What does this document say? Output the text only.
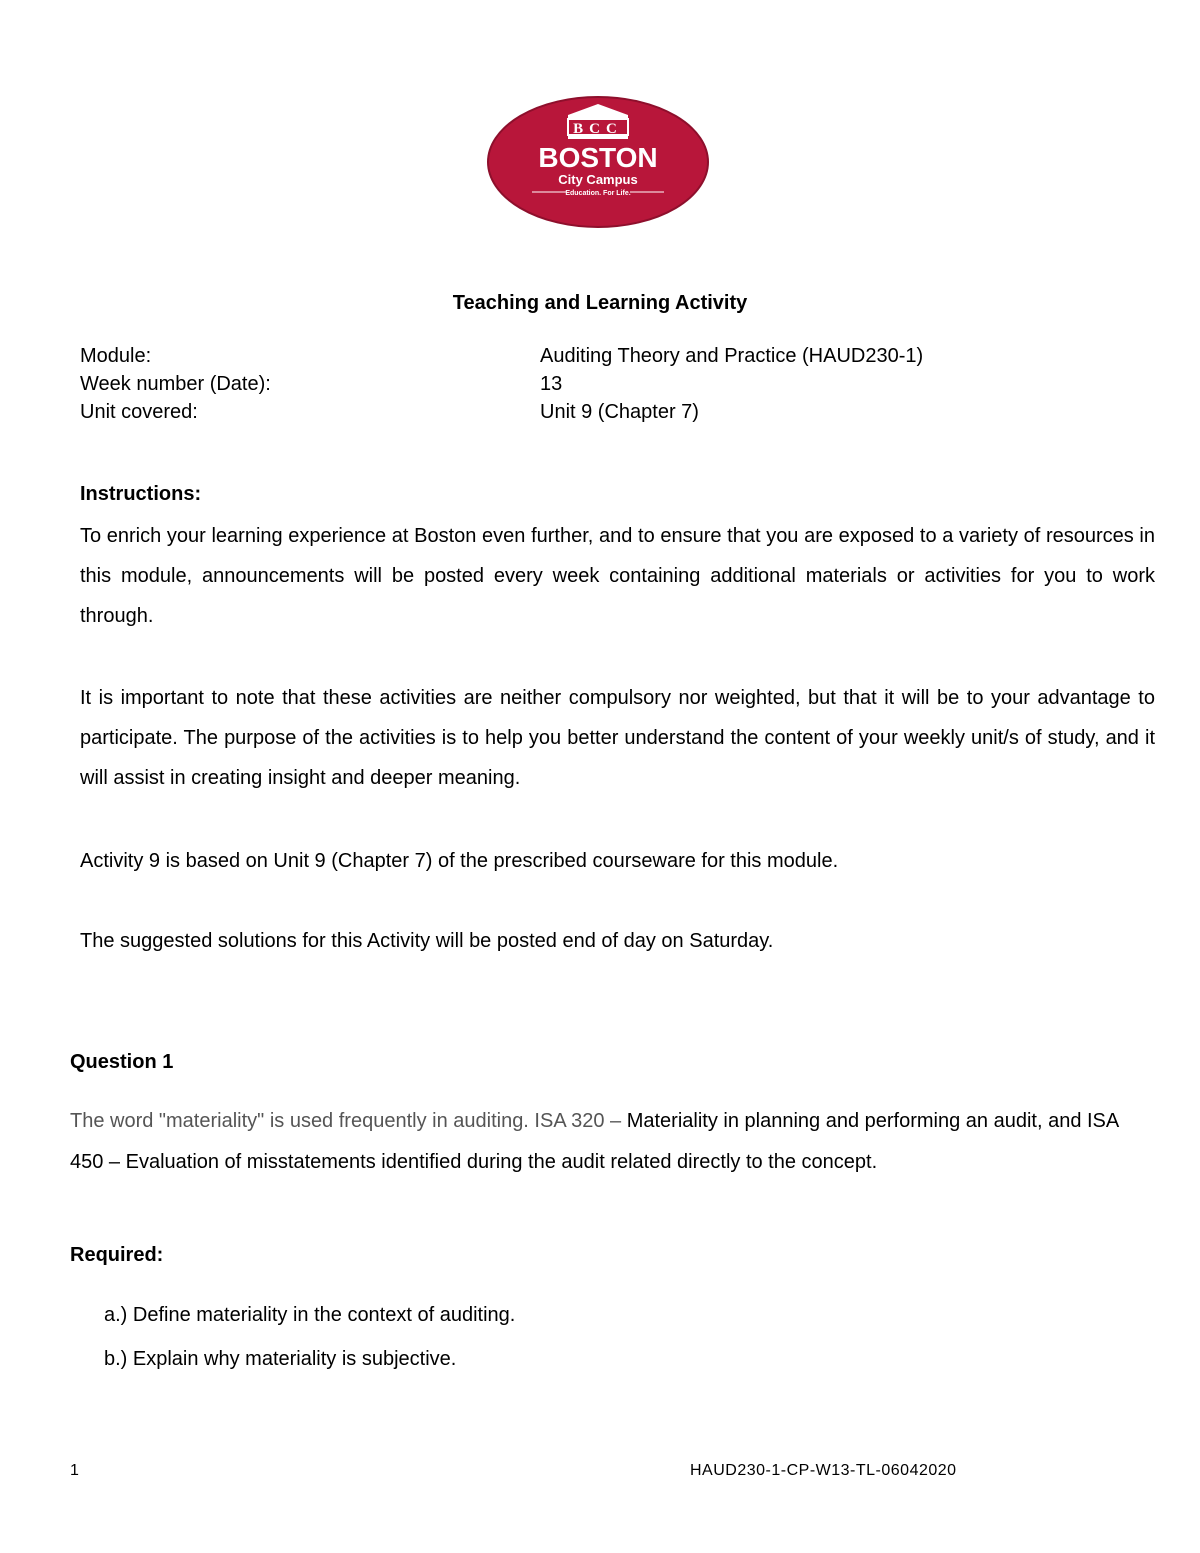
BCC
BOSTON
City Campus
Education. For Life.
Teaching and Learning Activity
Module:	Auditing Theory and Practice (HAUD230-1)
Week number (Date):	13
Unit covered:	Unit 9 (Chapter 7)
Instructions:
To enrich your learning experience at Boston even further, and to ensure that you are exposed to a variety of resources in this module, announcements will be posted every week containing additional materials or activities for you to work through.
It is important to note that these activities are neither compulsory nor weighted, but that it will be to your advantage to participate. The purpose of the activities is to help you better understand the content of your weekly unit/s of study, and it will assist in creating insight and deeper meaning.
Activity 9 is based on Unit 9 (Chapter 7) of the prescribed courseware for this module.
The suggested solutions for this Activity will be posted end of day on Saturday.
Question 1
The word "materiality" is used frequently in auditing. ISA 320 – Materiality in planning and performing an audit, and ISA 450 – Evaluation of misstatements identified during the audit related directly to the concept.
Required:
a.) Define materiality in the context of auditing.
b.) Explain why materiality is subjective.
1	HAUD230-1-CP-W13-TL-06042020
